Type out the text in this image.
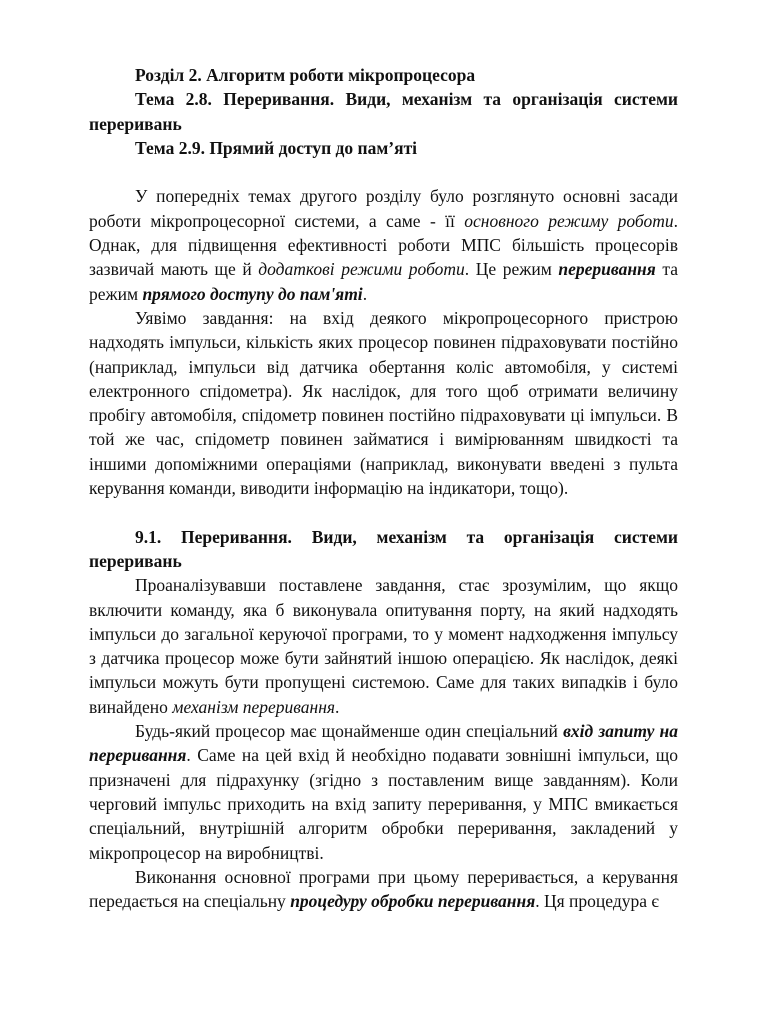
Розділ 2. Алгоритм роботи мікропроцесора

Тема 2.8. Переривання. Види, механізм та організація системи переривань

Тема 2.9. Прямий доступ до пам’яті

У попередніх темах другого розділу було розглянуто основні засади роботи мікропроцесорної системи, а саме - її основного режиму роботи. Однак, для підвищення ефективності роботи МПС більшість процесорів зазвичай мають ще й додаткові режими роботи. Це режим переривання та режим прямого доступу до пам'яті.

Уявімо завдання: на вхід деякого мікропроцесорного пристрою надходять імпульси, кількість яких процесор повинен підраховувати постійно (наприклад, імпульси від датчика обертання коліс автомобіля, у системі електронного спідометра). Як наслідок, для того щоб отримати величину пробігу автомобіля, спідометр повинен постійно підраховувати ці імпульси. В той же час, спідометр повинен займатися і вимірюванням швидкості та іншими допоміжними операціями (наприклад, виконувати введені з пульта керування команди, виводити інформацію на індикатори, тощо).

9.1. Переривання. Види, механізм та організація системи переривань

Проаналізувавши поставлене завдання, стає зрозумілим, що якщо включити команду, яка б виконувала опитування порту, на який надходять імпульси до загальної керуючої програми, то у момент надходження імпульсу з датчика процесор може бути зайнятий іншою операцією. Як наслідок, деякі імпульси можуть бути пропущені системою. Саме для таких випадків і було винайдено механізм переривання.

Будь-який процесор має щонайменше один спеціальний вхід запиту на переривання. Саме на цей вхід й необхідно подавати зовнішні імпульси, що призначені для підрахунку (згідно з поставленим вище завданням). Коли черговий імпульс приходить на вхід запиту переривання, у МПС вмикається спеціальний, внутрішній алгоритм обробки переривання, закладений у мікропроцесор на виробництві.

Виконання основної програми при цьому переривається, а керування передається на спеціальну процедуру обробки переривання. Ця процедура є
